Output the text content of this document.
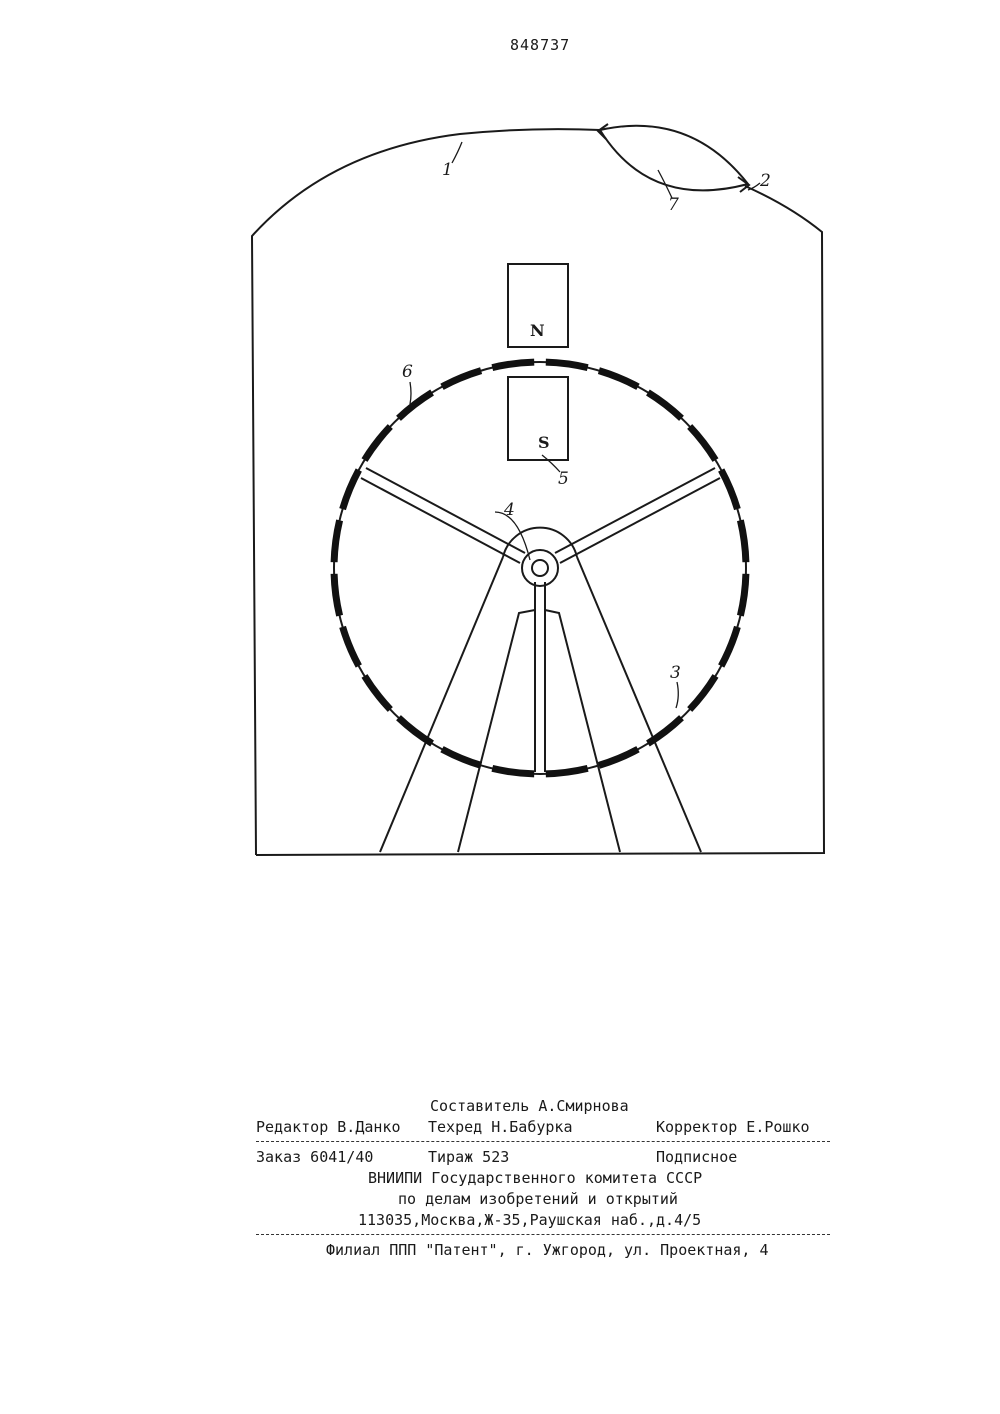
848737
1
2
7
N
S
6
5
4
3
Составитель А.Смирнова
Редактор В.Данко Техред Н.Бабурка	Корректор Е.Рошко
Заказ 6041/40	Тираж 523	Подписное
ВНИИПИ Государственного комитета СССР
по делам изобретений и открытий
113035,Москва,Ж-35,Раушская наб.,д.4/5
Филиал ППП "Патент", г. Ужгород, ул. Проектная, 4
